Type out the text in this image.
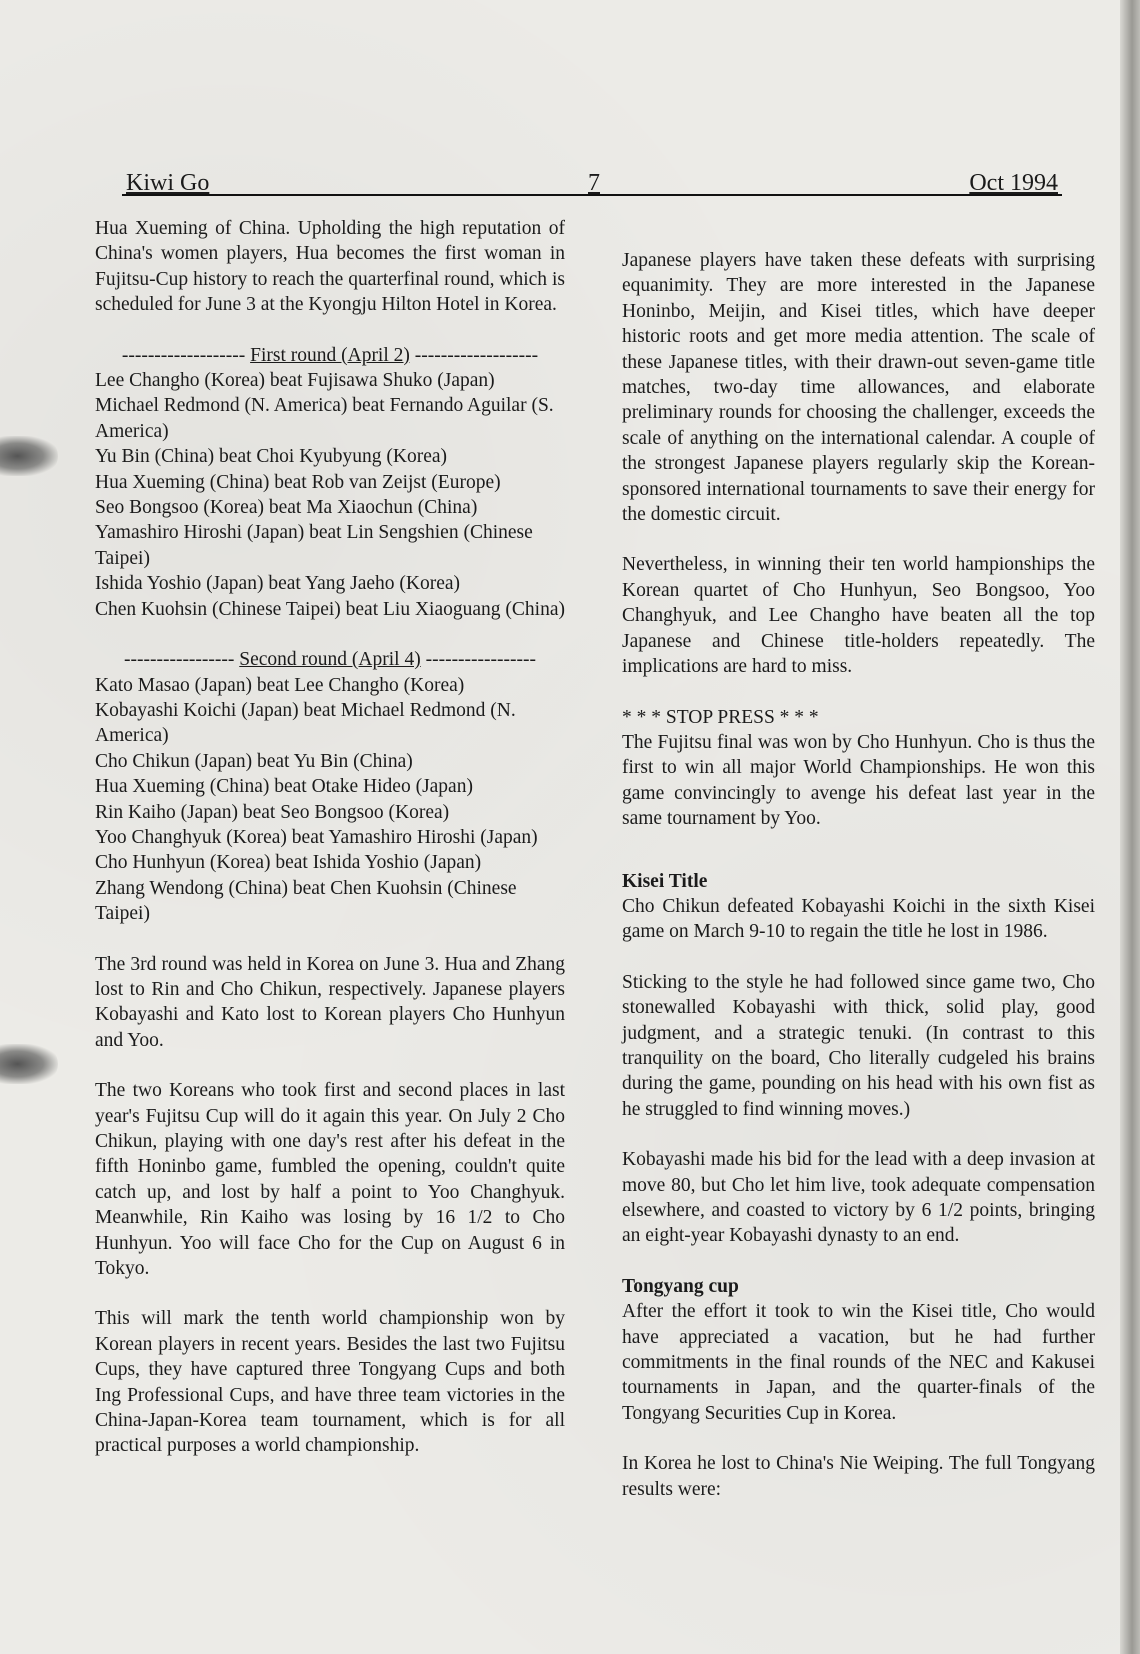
Kiwi Go	7	Oct 1994

Hua Xueming of China. Upholding the high reputation of China's women players, Hua becomes the first woman in Fujitsu-Cup history to reach the quarterfinal round, which is scheduled for June 3 at the Kyongju Hilton Hotel in Korea.

------------------- First round (April 2) -------------------
Lee Changho (Korea) beat Fujisawa Shuko (Japan)
Michael Redmond (N. America) beat Fernando Aguilar (S. America)
Yu Bin (China) beat Choi Kyubyung (Korea)
Hua Xueming (China) beat Rob van Zeijst (Europe)
Seo Bongsoo (Korea) beat Ma Xiaochun (China)
Yamashiro Hiroshi (Japan) beat Lin Sengshien (Chinese Taipei)
Ishida Yoshio (Japan) beat Yang Jaeho (Korea)
Chen Kuohsin (Chinese Taipei) beat Liu Xiaoguang (China)
----------------- Second round (April 4) -----------------
Kato Masao (Japan) beat Lee Changho (Korea)
Kobayashi Koichi (Japan) beat Michael Redmond (N. America)
Cho Chikun (Japan) beat Yu Bin (China)
Hua Xueming (China) beat Otake Hideo (Japan)
Rin Kaiho (Japan) beat Seo Bongsoo (Korea)
Yoo Changhyuk (Korea) beat Yamashiro Hiroshi (Japan)
Cho Hunhyun (Korea) beat Ishida Yoshio (Japan)
Zhang Wendong (China) beat Chen Kuohsin (Chinese Taipei)

The 3rd round was held in Korea on June 3. Hua and Zhang lost to Rin and Cho Chikun, respectively. Japanese players Kobayashi and Kato lost to Korean players Cho Hunhyun and Yoo.

The two Koreans who took first and second places in last year's Fujitsu Cup will do it again this year. On July 2 Cho Chikun, playing with one day's rest after his defeat in the fifth Honinbo game, fumbled the opening, couldn't quite catch up, and lost by half a point to Yoo Changhyuk. Meanwhile, Rin Kaiho was losing by 16 1/2 to Cho Hunhyun. Yoo will face Cho for the Cup on August 6 in Tokyo.

This will mark the tenth world championship won by Korean players in recent years. Besides the last two Fujitsu Cups, they have captured three Tongyang Cups and both Ing Professional Cups, and have three team victories in the China-Japan-Korea team tournament, which is for all practical purposes a world championship.

Japanese players have taken these defeats with surprising equanimity. They are more interested in the Japanese Honinbo, Meijin, and Kisei titles, which have deeper historic roots and get more media attention. The scale of these Japanese titles, with their drawn-out seven-game title matches, two-day time allowances, and elaborate preliminary rounds for choosing the challenger, exceeds the scale of anything on the international calendar. A couple of the strongest Japanese players regularly skip the Korean-sponsored international tournaments to save their energy for the domestic circuit.

Nevertheless, in winning their ten world hampionships the Korean quartet of Cho Hunhyun, Seo Bongsoo, Yoo Changhyuk, and Lee Changho have beaten all the top Japanese and Chinese title-holders repeatedly. The implications are hard to miss.

* * * STOP PRESS * * *

The Fujitsu final was won by Cho Hunhyun. Cho is thus the first to win all major World Championships. He won this game convincingly to avenge his defeat last year in the same tournament by Yoo.

Kisei Title

Cho Chikun defeated Kobayashi Koichi in the sixth Kisei game on March 9-10 to regain the title he lost in 1986.

Sticking to the style he had followed since game two, Cho stonewalled Kobayashi with thick, solid play, good judgment, and a strategic tenuki. (In contrast to this tranquility on the board, Cho literally cudgeled his brains during the game, pounding on his head with his own fist as he struggled to find winning moves.)

Kobayashi made his bid for the lead with a deep invasion at move 80, but Cho let him live, took adequate compensation elsewhere, and coasted to victory by 6 1/2 points, bringing an eight-year Kobayashi dynasty to an end.

Tongyang cup

After the effort it took to win the Kisei title, Cho would have appreciated a vacation, but he had further commitments in the final rounds of the NEC and Kakusei tournaments in Japan, and the quarter-finals of the Tongyang Securities Cup in Korea.

In Korea he lost to China's Nie Weiping. The full Tongyang results were:
